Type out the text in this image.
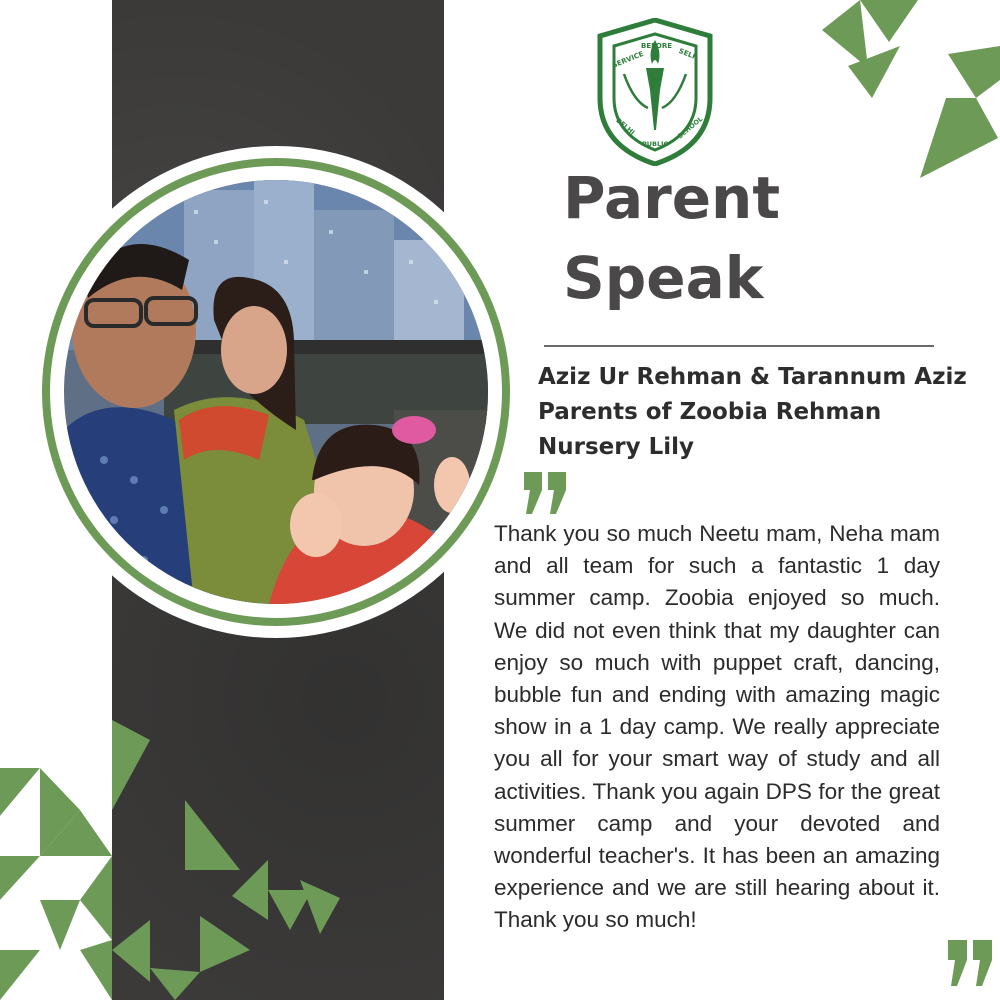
SERVICE
BEFORE
SELF
DELHI
PUBLIC
SCHOOL
Parent
Speak
Aziz Ur Rehman & Tarannum Aziz
Parents of Zoobia Rehman
Nursery Lily

Thank you so much Neetu mam, Neha mam and all team for such a fantastic 1 day summer camp. Zoobia enjoyed so much. We did not even think that my daughter can enjoy so much with puppet craft, dancing, bubble fun and ending with amazing magic show in a 1 day camp. We really appreciate you all for your smart way of study and all activities. Thank you again DPS for the great summer camp and your devoted and wonderful teacher's. It has been an amazing experience and we are still hearing about it. Thank you so much!
